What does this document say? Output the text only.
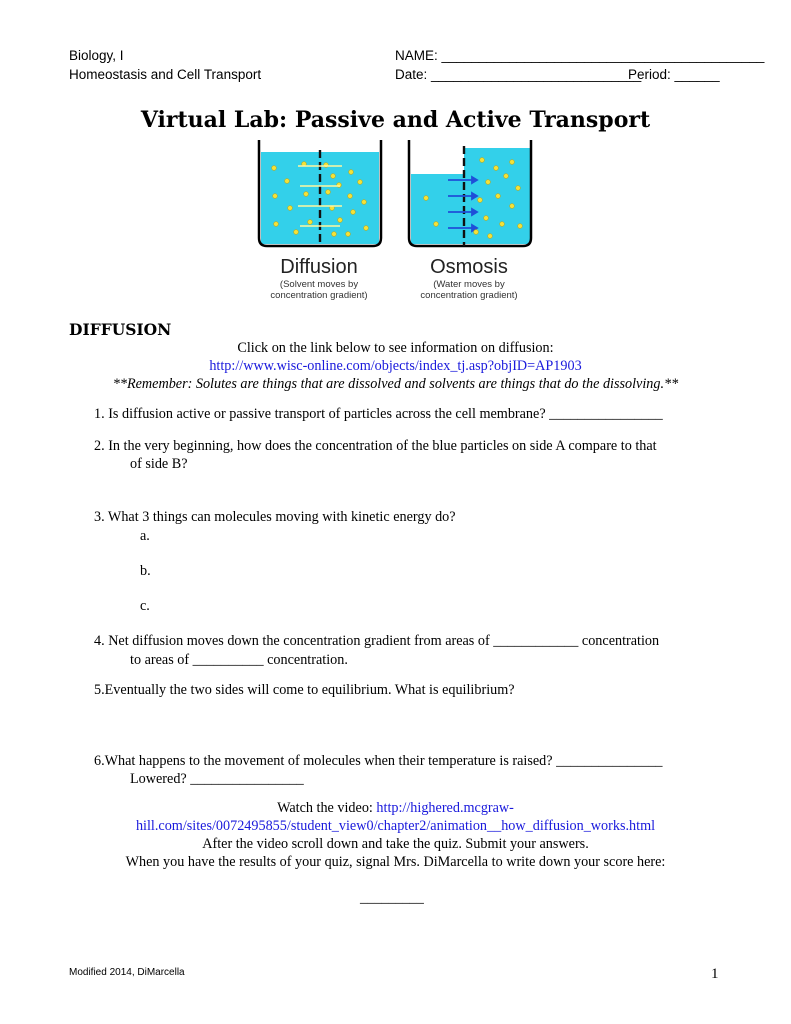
Biology, I
Homeostasis and Cell Transport
NAME: ___________________________________________
Date: ____________________________
Period: ______
Virtual Lab: Passive and Active Transport
Diffusion
(Solvent moves by
concentration gradient)
Osmosis
(Water moves by
concentration gradient)
DIFFUSION
Click on the link below to see information on diffusion:
http://www.wisc-online.com/objects/index_tj.asp?objID=AP1903
**Remember: Solutes are things that are dissolved and solvents are things that do the dissolving.**
1. Is diffusion active or passive transport of particles across the cell membrane? ________________
2. In the very beginning, how does the concentration of the blue particles on side A compare to that
of side B?
3. What 3 things can molecules moving with kinetic energy do?
a.
b.
c.
4. Net diffusion moves down the concentration gradient from areas of ____________ concentration
to areas of __________ concentration.
5.Eventually the two sides will come to equilibrium. What is equilibrium?
6.What happens to the movement of molecules when their temperature is raised? _______________
Lowered? ________________
Watch the video: http://highered.mcgraw-
hill.com/sites/0072495855/student_view0/chapter2/animation__how_diffusion_works.html
After the video scroll down and take the quiz. Submit your answers.
When you have the results of your quiz, signal Mrs. DiMarcella to write down your score here:
_________
Modified 2014, DiMarcella	1
